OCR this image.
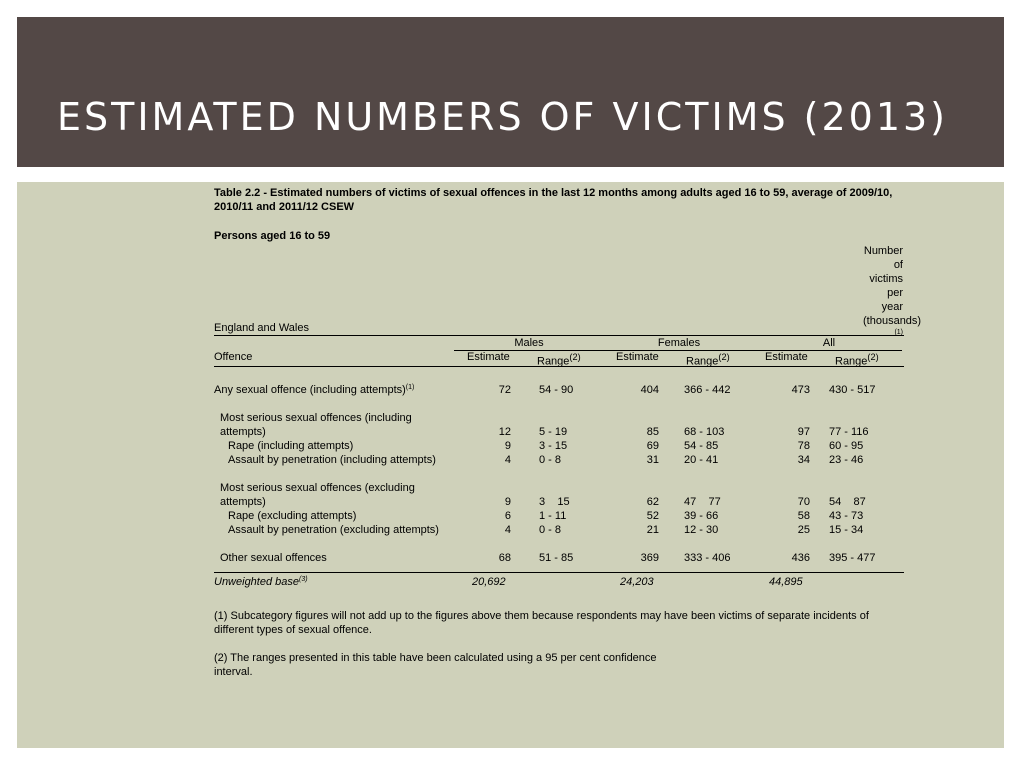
ESTIMATED NUMBERS OF VICTIMS (2013)
Table 2.2 - Estimated numbers of victims of sexual offences in the last 12 months among adults aged 16 to 59, average of 2009/10, 2010/11 and 2011/12 CSEW
Persons aged 16 to 59
England and Wales
Number of victims per year (thousands) $^{(1)}$
Males	Females	All
Offence	Estimate Range$^{(2)}$	Estimate Range$^{(2)}$	Estimate Range$^{(2)}$
Any sexual offence (including attempts)$^{(1)}$	72	54 - 90	404	366 - 442	473	430 - 517
Most serious sexual offences (including
attempts)	12	5 - 19	85	68 - 103	97	77 - 116
Rape (including attempts)	9	3 - 15	69	54 - 85	78	60 - 95
Assault by penetration (including attempts)	4	0 - 8	31	20 - 41	34	23 - 46
Most serious sexual offences (excluding
attempts)	9	3    15	62	47    77	70	54    87
Rape (excluding attempts)	6	1 - 11	52	39 - 66	58	43 - 73
Assault by penetration (excluding attempts)	4	0 - 8	21	12 - 30	25	15 - 34
Other sexual offences	68	51 - 85	369	333 - 406	436	395 - 477
Unweighted base$^{(3)}$	20,692	24,203	44,895

(1) Subcategory figures will not add up to the figures above them because respondents may have been victims of separate incidents of different types of sexual offence.

(2) The ranges presented in this table have been calculated using a 95 per cent confidence interval.
